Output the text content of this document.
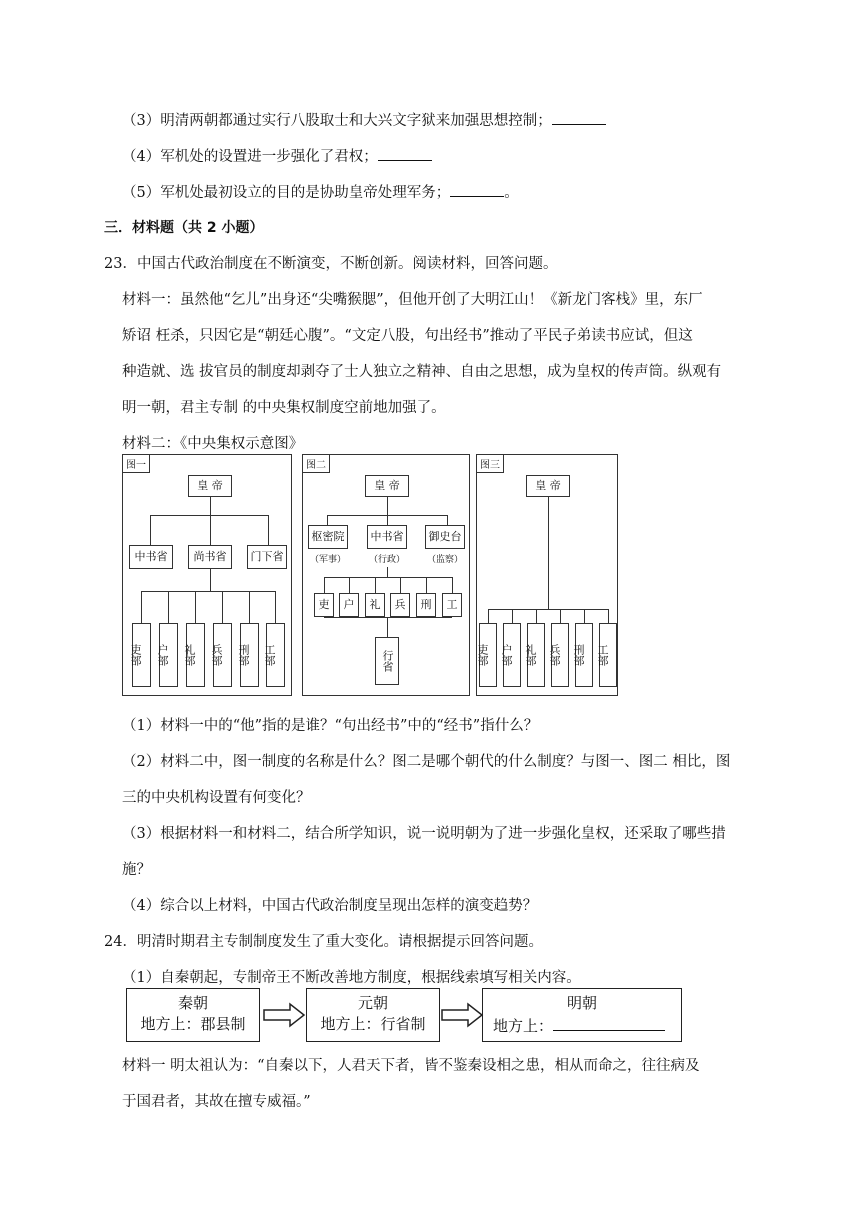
（3）明清两朝都通过实行八股取士和大兴文字狱来加强思想控制；
（4）军机处的设置进一步强化了君权；
（5）军机处最初设立的目的是协助皇帝处理军务；	。
三．材料题（共 2 小题）
23．中国古代政治制度在不断演变，不断创新。阅读材料，回答问题。
材料一：虽然他“乞儿”出身还“尖嘴猴腮”，但他开创了大明江山！《新龙门客栈》里，东厂
矫诏 枉杀，只因它是“朝廷心腹”。“文定八股，句出经书”推动了平民子弟读书应试，但这
种造就、选 拔官员的制度却剥夺了士人独立之精神、自由之思想，成为皇权的传声筒。纵观有
明一朝，君主专制 的中央集权制度空前地加强了。
材料二：《中央集权示意图》
图一
皇 帝
中书省	尚书省	门下省
吏部	户部	礼部	兵部	刑部	工部
图二
皇 帝
枢密院	中书省	御史台
（军事）	（行政）	（监察）
吏	户	礼	兵	刑	工
行省
图三
皇 帝
吏部	户部	礼部	兵部	刑部	工部
（1）材料一中的“他”指的是谁？“句出经书”中的“经书”指什么？
（2）材料二中，图一制度的名称是什么？图二是哪个朝代的什么制度？与图一、图二 相比，图
三的中央机构设置有何变化？
（3）根据材料一和材料二，结合所学知识，说一说明朝为了进一步强化皇权，还采取了哪些措
施？
（4）综合以上材料，中国古代政治制度呈现出怎样的演变趋势？
24．明清时期君主专制制度发生了重大变化。请根据提示回答问题。
（1）自秦朝起，专制帝王不断改善地方制度，根据线索填写相关内容。
秦朝
地方上：郡县制
元朝
地方上：行省制
明朝
地方上：
材料一 明太祖认为：“自秦以下，人君天下者，皆不鉴秦设相之患，相从而命之，往往病及
于国君者，其故在擅专威福。”
